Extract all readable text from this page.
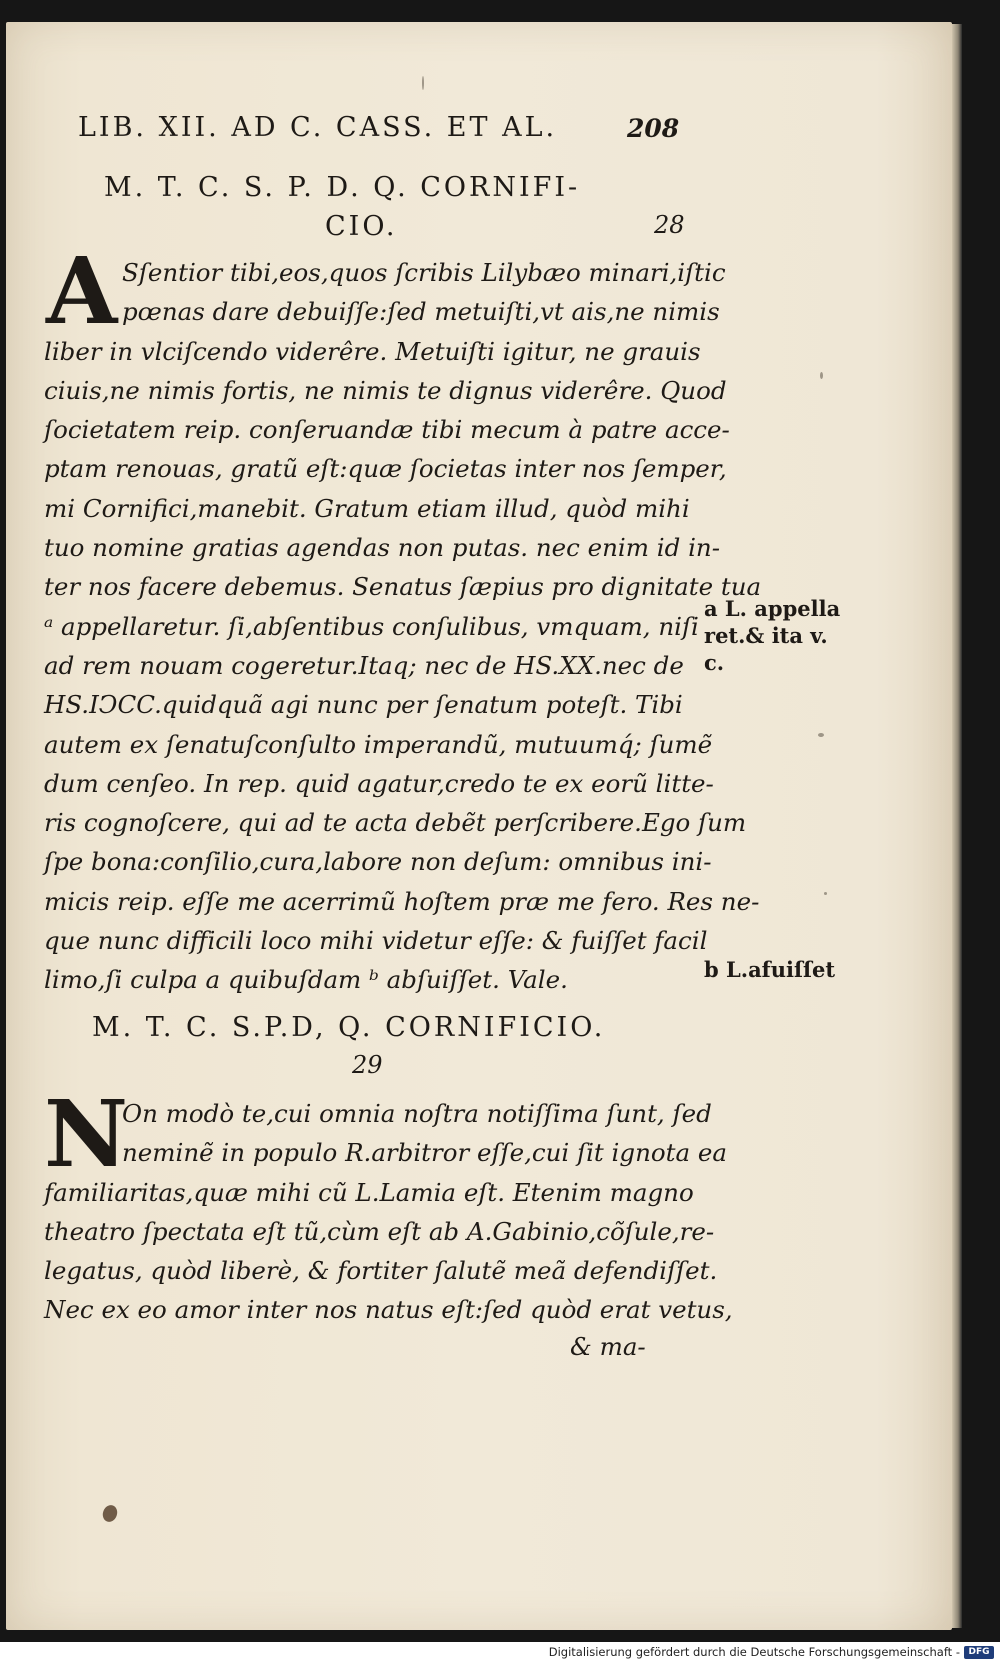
LIB. XII. AD C. CASS. ET AL.	208
M. T. C. S. P. D. Q. CORNIFI-
CIO.	28
A Sſentior tibi,eos,quos ſcribis Lilybæo minari,iſtic
pœnas dare debuiſſe:ſed metuiſti,vt ais,ne nimis
liber in vlciſcendo viderêre. Metuiſti igitur, ne grauis
ciuis,ne nimis fortis, ne nimis te dignus viderêre. Quod
ſocietatem reip. conſeruandæ tibi mecum à patre acce-
ptam renouas, gratũ eſt:quæ ſocietas inter nos ſemper,
mi Cornifici,manebit. Gratum etiam illud, quòd mihi
tuo nomine gratias agendas non putas. nec enim id in-
ter nos facere debemus. Senatus ſæpius pro dignitate tua
ᵃ appellaretur. ſi,abſentibus conſulibus, vmquam, niſi
ad rem nouam cogeretur.Itaq; nec de HS.XX.nec de
HS.IↃCC.quidquã agi nunc per ſenatum poteſt. Tibi
autem ex ſenatuſconſulto imperandũ, mutuumq́; ſumẽ
dum cenſeo. In rep. quid agatur,credo te ex eorũ litte-
ris cognoſcere, qui ad te acta debẽt perſcribere.Ego ſum
ſpe bona:conſilio,cura,labore non deſum: omnibus ini-
micis reip. eſſe me acerrimũ hoſtem præ me fero. Res ne-
que nunc difficili loco mihi videtur eſſe: & fuiſſet facil
limo,ſi culpa a quibuſdam ᵇ abſuiſſet. Vale.
a L. appella
ret.& ita v.
c.
b L.afuiſſet
M. T. C. S.P.D, Q. CORNIFICIO.
29
N
On modò te,cui omnia noſtra notiſſima ſunt, ſed
neminẽ in populo R.arbitror eſſe,cui ſit ignota ea
familiaritas,quæ mihi cũ L.Lamia eſt. Etenim magno
theatro ſpectata eſt tũ,cùm eſt ab A.Gabinio,cõſule,re-
legatus, quòd liberè, & fortiter ſalutẽ meã defendiſſet.
Nec ex eo amor inter nos natus eſt:ſed quòd erat vetus,
& ma-
Digitalisierung gefördert durch die Deutsche Forschungsgemeinschaft - DFG
